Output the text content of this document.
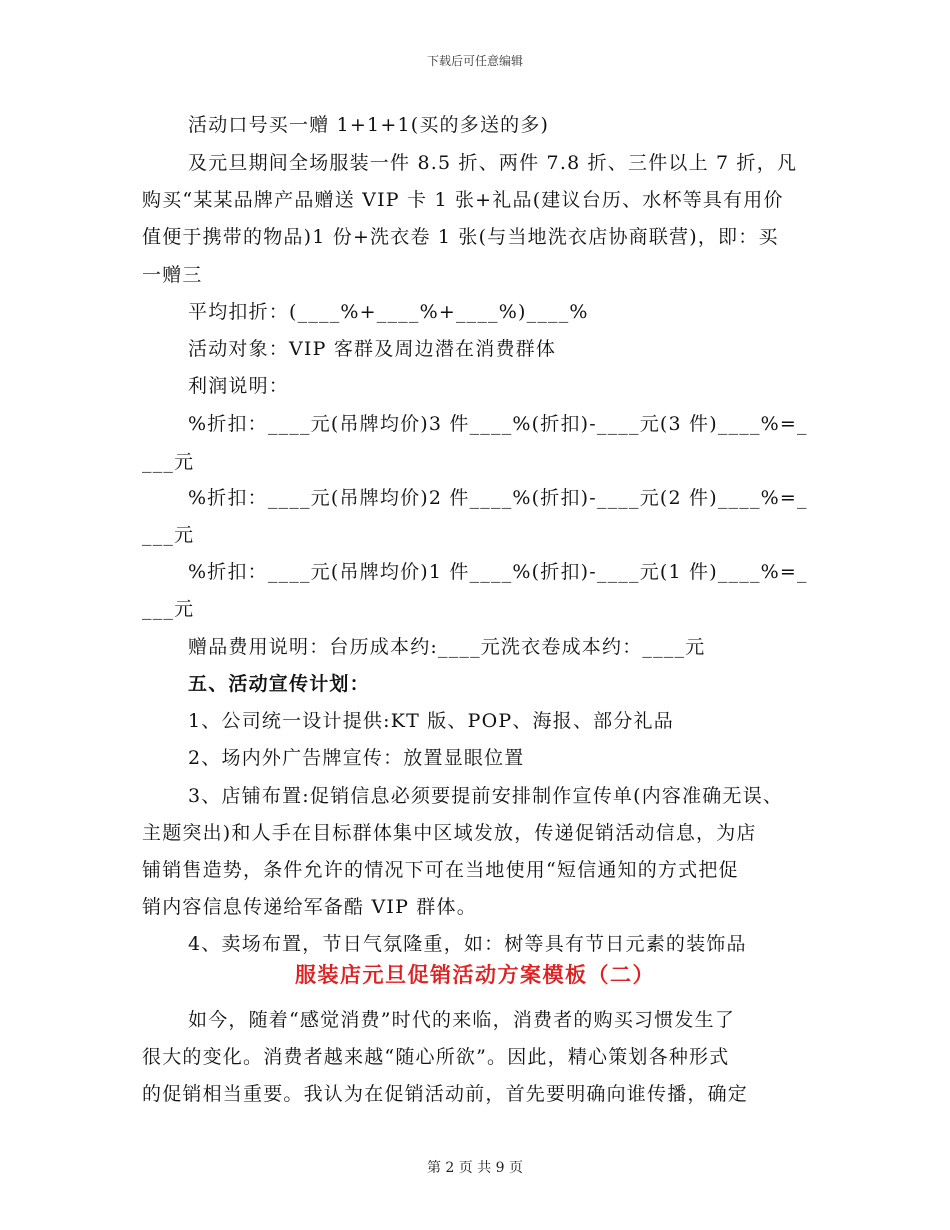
下载后可任意编辑
活动口号买一赠 1+1+1(买的多送的多)
及元旦期间全场服装一件 8.5 折、两件 7.8 折、三件以上 7 折，凡
购买“某某品牌产品赠送 VIP 卡 1 张+礼品(建议台历、水杯等具有用价
值便于携带的物品)1 份+洗衣卷 1 张(与当地洗衣店协商联营)，即：买
一赠三
平均扣折：(____%+____%+____%)____%
活动对象：VIP 客群及周边潜在消费群体
利润说明：
%折扣：____元(吊牌均价)3 件____%(折扣)-____元(3 件)____%=_
___元
%折扣：____元(吊牌均价)2 件____%(折扣)-____元(2 件)____%=_
___元
%折扣：____元(吊牌均价)1 件____%(折扣)-____元(1 件)____%=_
___元
赠品费用说明：台历成本约:____元洗衣卷成本约：____元
五、活动宣传计划：
1、公司统一设计提供:KT 版、POP、海报、部分礼品
2、场内外广告牌宣传：放置显眼位置
3、店铺布置:促销信息必须要提前安排制作宣传单(内容准确无误、
主题突出)和人手在目标群体集中区域发放，传递促销活动信息，为店
铺销售造势，条件允许的情况下可在当地使用“短信通知的方式把促
销内容信息传递给军备酷 VIP 群体。
4、卖场布置，节日气氛隆重，如：树等具有节日元素的装饰品
服装店元旦促销活动方案模板（二）
如今，随着“感觉消费”时代的来临，消费者的购买习惯发生了
很大的变化。消费者越来越“随心所欲”。因此，精心策划各种形式
的促销相当重要。我认为在促销活动前，首先要明确向谁传播，确定
第 2 页 共 9 页
